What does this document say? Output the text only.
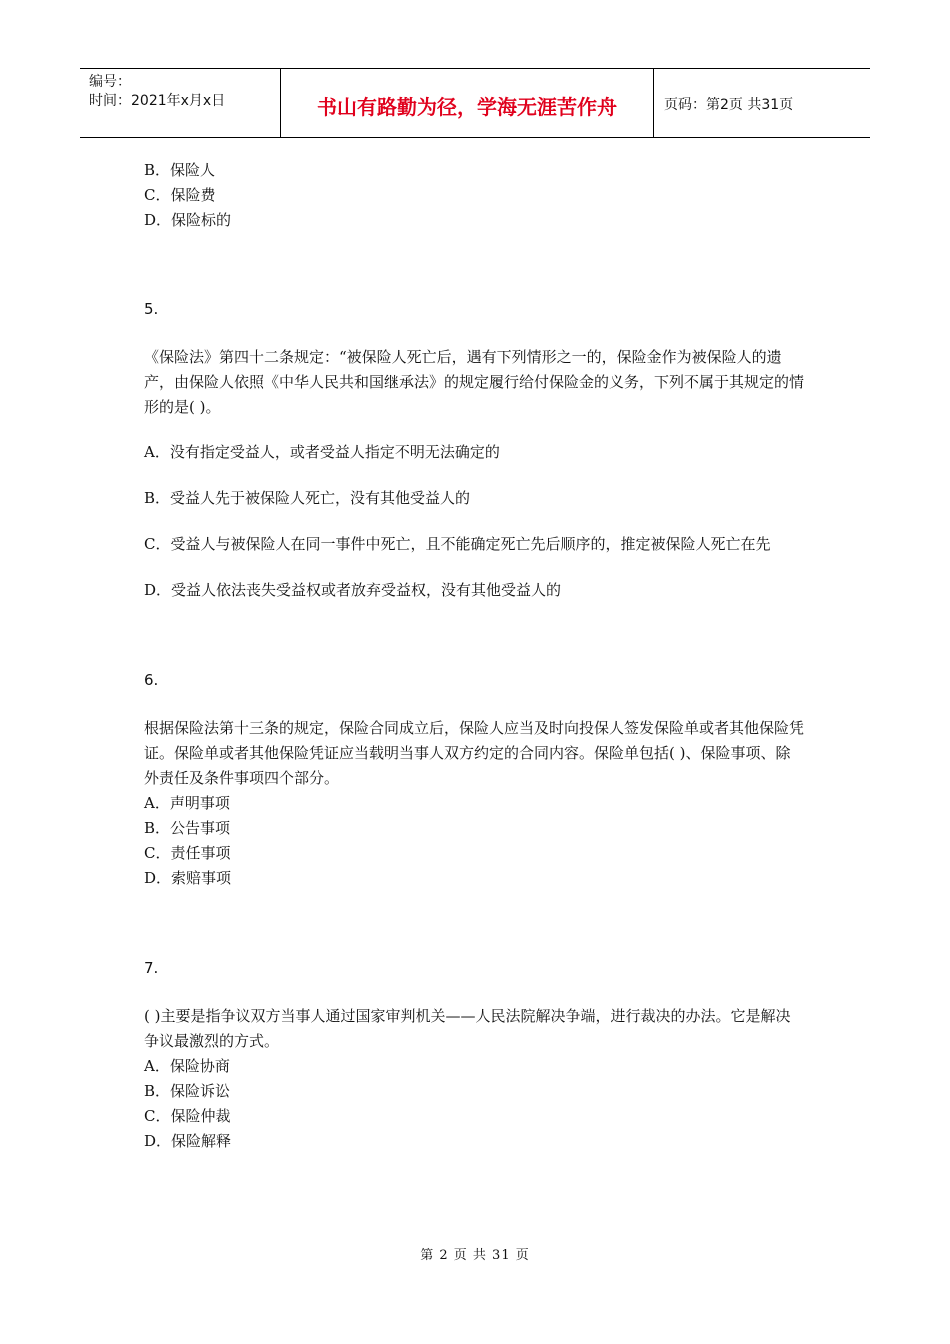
编号：
时间：2021年x月x日	书山有路勤为径，学海无涯苦作舟	页码：第2页 共31页

B．保险人

C．保险费

D．保险标的

5.

《保险法》第四十二条规定：“被保险人死亡后，遇有下列情形之一的，保险金作为被保险人的遗产，由保险人依照《中华人民共和国继承法》的规定履行给付保险金的义务，下列不属于其规定的情形的是( )。

A．没有指定受益人，或者受益人指定不明无法确定的

B．受益人先于被保险人死亡，没有其他受益人的

C．受益人与被保险人在同一事件中死亡，且不能确定死亡先后顺序的，推定被保险人死亡在先

D．受益人依法丧失受益权或者放弃受益权，没有其他受益人的

6.

根据保险法第十三条的规定，保险合同成立后，保险人应当及时向投保人签发保险单或者其他保险凭证。保险单或者其他保险凭证应当载明当事人双方约定的合同内容。保险单包括( )、保险事项、除外责任及条件事项四个部分。

A．声明事项

B．公告事项

C．责任事项

D．索赔事项

7.

( )主要是指争议双方当事人通过国家审判机关——人民法院解决争端，进行裁决的办法。它是解决争议最激烈的方式。

A．保险协商

B．保险诉讼

C．保险仲裁

D．保险解释

第 2 页 共 31 页
